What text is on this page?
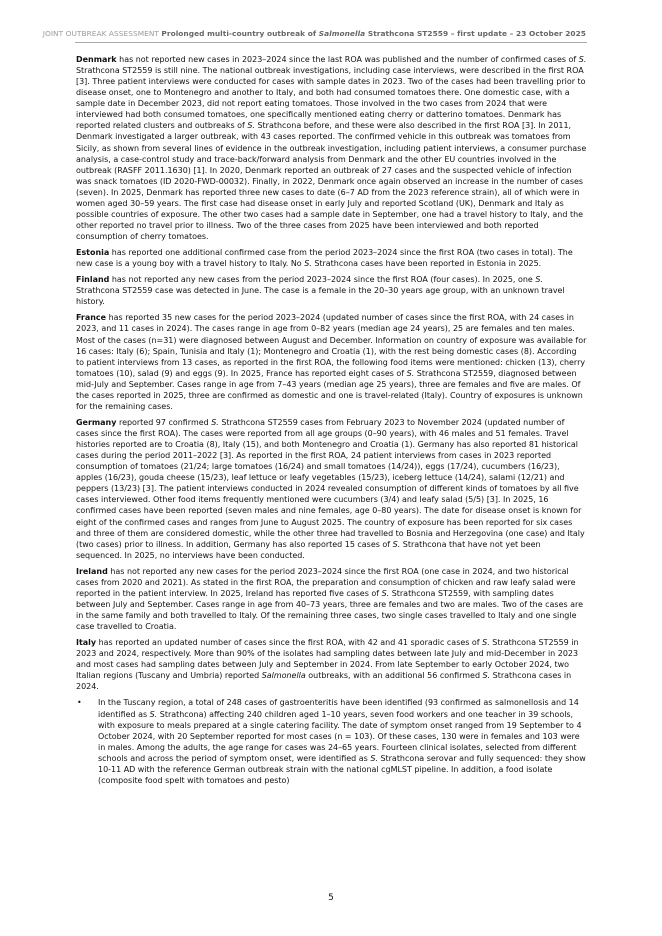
JOINT OUTBREAK ASSESSMENT Prolonged multi-country outbreak of Salmonella Strathcona ST2559 – first update – 23 October 2025

Denmark has not reported new cases in 2023–2024 since the last ROA was published and the number of confirmed cases of S. Strathcona ST2559 is still nine. The national outbreak investigations, including case interviews, were described in the first ROA [3]. Three patient interviews were conducted for cases with sample dates in 2023. Two of the cases had been travelling prior to disease onset, one to Montenegro and another to Italy, and both had consumed tomatoes there. One domestic case, with a sample date in December 2023, did not report eating tomatoes. Those involved in the two cases from 2024 that were interviewed had both consumed tomatoes, one specifically mentioned eating cherry or datterino tomatoes. Denmark has reported related clusters and outbreaks of S. Strathcona before, and these were also described in the first ROA [3]. In 2011, Denmark investigated a larger outbreak, with 43 cases reported. The confirmed vehicle in this outbreak was tomatoes from Sicily, as shown from several lines of evidence in the outbreak investigation, including patient interviews, a consumer purchase analysis, a case-control study and trace-back/forward analysis from Denmark and the other EU countries involved in the outbreak (RASFF 2011.1630) [1]. In 2020, Denmark reported an outbreak of 27 cases and the suspected vehicle of infection was snack tomatoes (ID 2020-FWD-00032). Finally, in 2022, Denmark once again observed an increase in the number of cases (seven). In 2025, Denmark has reported three new cases to date (6–7 AD from the 2023 reference strain), all of which were in women aged 30–59 years. The first case had disease onset in early July and reported Scotland (UK), Denmark and Italy as possible countries of exposure. The other two cases had a sample date in September, one had a travel history to Italy, and the other reported no travel prior to illness. Two of the three cases from 2025 have been interviewed and both reported consumption of cherry tomatoes.

Estonia has reported one additional confirmed case from the period 2023–2024 since the first ROA (two cases in total). The new case is a young boy with a travel history to Italy. No S. Strathcona cases have been reported in Estonia in 2025.

Finland has not reported any new cases from the period 2023–2024 since the first ROA (four cases). In 2025, one S. Strathcona ST2559 case was detected in June. The case is a female in the 20–30 years age group, with an unknown travel history.

France has reported 35 new cases for the period 2023–2024 (updated number of cases since the first ROA, with 24 cases in 2023, and 11 cases in 2024). The cases range in age from 0–82 years (median age 24 years), 25 are females and ten males. Most of the cases (n=31) were diagnosed between August and December. Information on country of exposure was available for 16 cases: Italy (6); Spain, Tunisia and Italy (1); Montenegro and Croatia (1), with the rest being domestic cases (8). According to patient interviews from 13 cases, as reported in the first ROA, the following food items were mentioned: chicken (13), cherry tomatoes (10), salad (9) and eggs (9). In 2025, France has reported eight cases of S. Strathcona ST2559, diagnosed between mid-July and September. Cases range in age from 7–43 years (median age 25 years), three are females and five are males. Of the cases reported in 2025, three are confirmed as domestic and one is travel-related (Italy). Country of exposures is unknown for the remaining cases.

Germany reported 97 confirmed S. Strathcona ST2559 cases from February 2023 to November 2024 (updated number of cases since the first ROA). The cases were reported from all age groups (0–90 years), with 46 males and 51 females. Travel histories reported are to Croatia (8), Italy (15), and both Montenegro and Croatia (1). Germany has also reported 81 historical cases during the period 2011–2022 [3]. As reported in the first ROA, 24 patient interviews from cases in 2023 reported consumption of tomatoes (21/24; large tomatoes (16/24) and small tomatoes (14/24)), eggs (17/24), cucumbers (16/23), apples (16/23), gouda cheese (15/23), leaf lettuce or leafy vegetables (15/23), iceberg lettuce (14/24), salami (12/21) and peppers (13/23) [3]. The patient interviews conducted in 2024 revealed consumption of different kinds of tomatoes by all five cases interviewed. Other food items frequently mentioned were cucumbers (3/4) and leafy salad (5/5) [3]. In 2025, 16 confirmed cases have been reported (seven males and nine females, age 0–80 years). The date for disease onset is known for eight of the confirmed cases and ranges from June to August 2025. The country of exposure has been reported for six cases and three of them are considered domestic, while the other three had travelled to Bosnia and Herzegovina (one case) and Italy (two cases) prior to illness. In addition, Germany has also reported 15 cases of S. Strathcona that have not yet been sequenced. In 2025, no interviews have been conducted.

Ireland has not reported any new cases for the period 2023–2024 since the first ROA (one case in 2024, and two historical cases from 2020 and 2021). As stated in the first ROA, the preparation and consumption of chicken and raw leafy salad were reported in the patient interview. In 2025, Ireland has reported five cases of S. Strathcona ST2559, with sampling dates between July and September. Cases range in age from 40–73 years, three are females and two are males. Two of the cases are in the same family and both travelled to Italy. Of the remaining three cases, two single cases travelled to Italy and one single case travelled to Croatia.

Italy has reported an updated number of cases since the first ROA, with 42 and 41 sporadic cases of S. Strathcona ST2559 in 2023 and 2024, respectively. More than 90% of the isolates had sampling dates between late July and mid-December in 2023 and most cases had sampling dates between July and September in 2024. From late September to early October 2024, two Italian regions (Tuscany and Umbria) reported Salmonella outbreaks, with an additional 56 confirmed S. Strathcona cases in 2024.

• In the Tuscany region, a total of 248 cases of gastroenteritis have been identified (93 confirmed as salmonellosis and 14 identified as S. Strathcona) affecting 240 children aged 1–10 years, seven food workers and one teacher in 39 schools, with exposure to meals prepared at a single catering facility. The date of symptom onset ranged from 19 September to 4 October 2024, with 20 September reported for most cases (n = 103). Of these cases, 130 were in females and 103 were in males. Among the adults, the age range for cases was 24–65 years. Fourteen clinical isolates, selected from different schools and across the period of symptom onset, were identified as S. Strathcona serovar and fully sequenced: they show 10-11 AD with the reference German outbreak strain with the national cgMLST pipeline. In addition, a food isolate (composite food spelt with tomatoes and pesto)
5
